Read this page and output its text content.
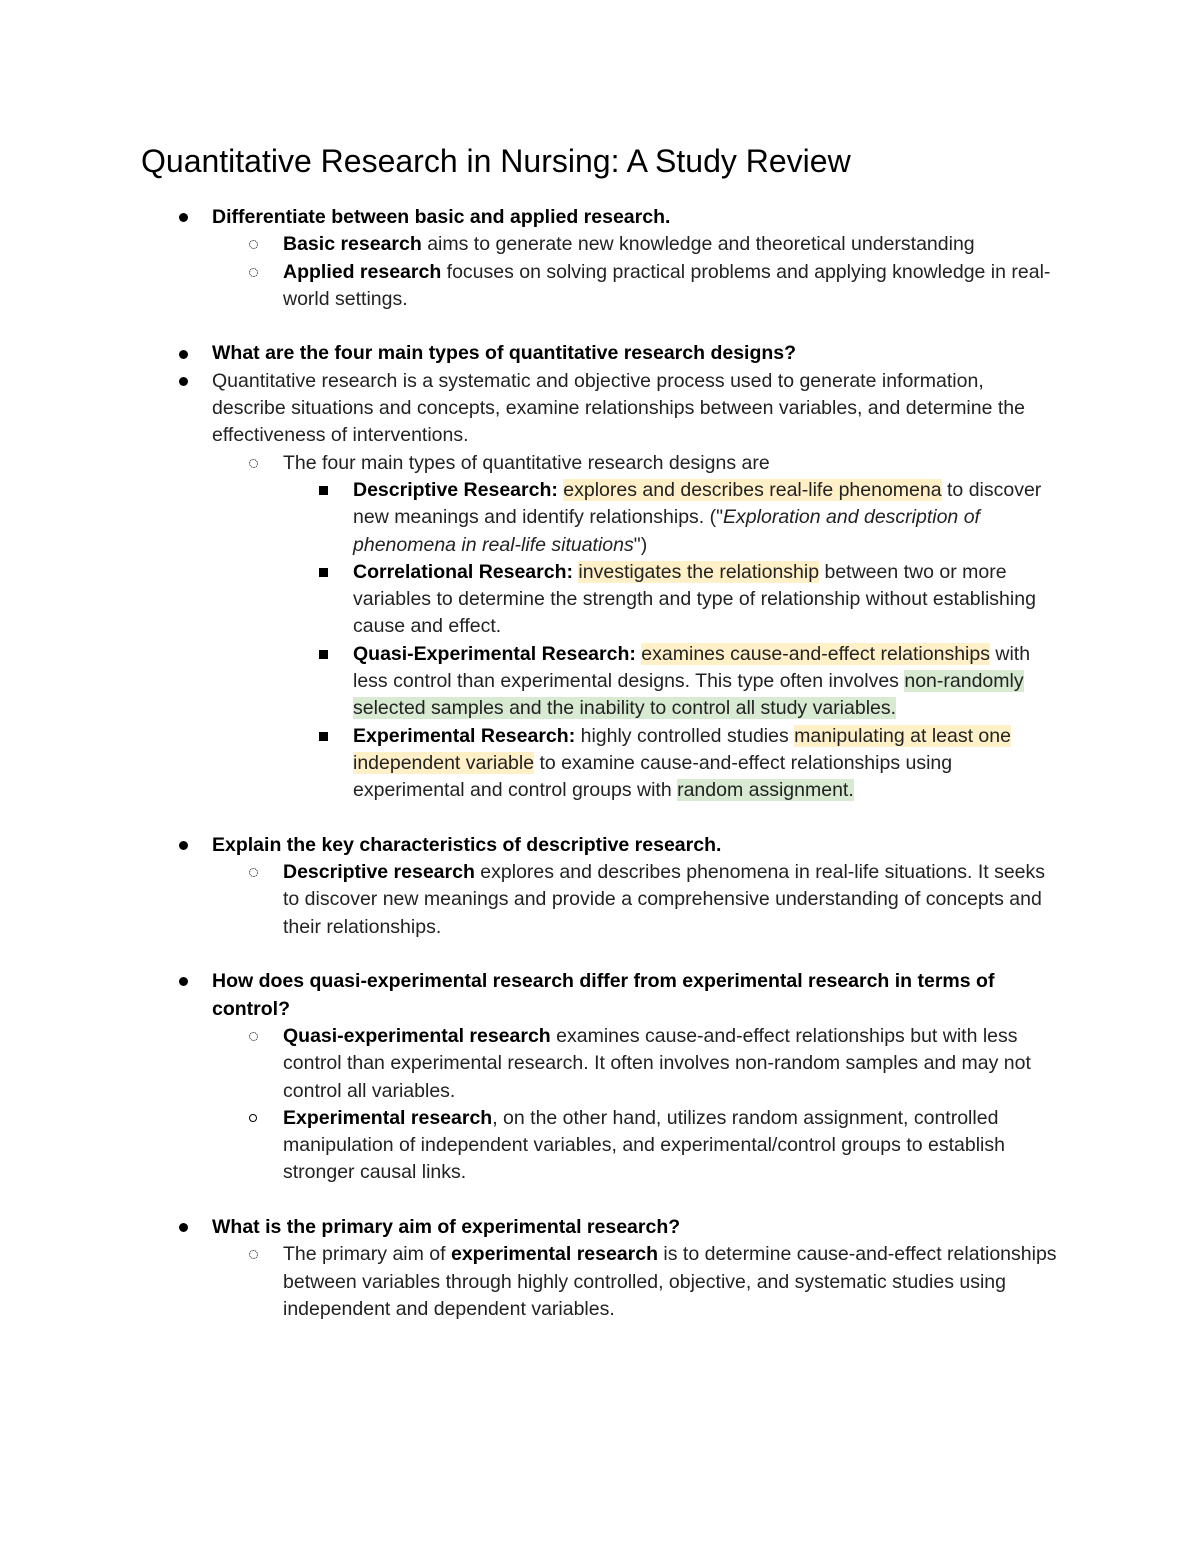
Quantitative Research in Nursing: A Study Review
Differentiate between basic and applied research.
Basic research aims to generate new knowledge and theoretical understanding
Applied research focuses on solving practical problems and applying knowledge in real-world settings.
What are the four main types of quantitative research designs?
Quantitative research is a systematic and objective process used to generate information, describe situations and concepts, examine relationships between variables, and determine the effectiveness of interventions.
The four main types of quantitative research designs are
Descriptive Research: explores and describes real-life phenomena to discover new meanings and identify relationships. ("Exploration and description of phenomena in real-life situations")
Correlational Research: investigates the relationship between two or more variables to determine the strength and type of relationship without establishing cause and effect.
Quasi-Experimental Research: examines cause-and-effect relationships with less control than experimental designs. This type often involves non-randomly selected samples and the inability to control all study variables.
Experimental Research: highly controlled studies manipulating at least one independent variable to examine cause-and-effect relationships using experimental and control groups with random assignment.
Explain the key characteristics of descriptive research.
Descriptive research explores and describes phenomena in real-life situations. It seeks to discover new meanings and provide a comprehensive understanding of concepts and their relationships.
How does quasi-experimental research differ from experimental research in terms of control?
Quasi-experimental research examines cause-and-effect relationships but with less control than experimental research. It often involves non-random samples and may not control all variables.
Experimental research, on the other hand, utilizes random assignment, controlled manipulation of independent variables, and experimental/control groups to establish stronger causal links.
What is the primary aim of experimental research?
The primary aim of experimental research is to determine cause-and-effect relationships between variables through highly controlled, objective, and systematic studies using independent and dependent variables.
